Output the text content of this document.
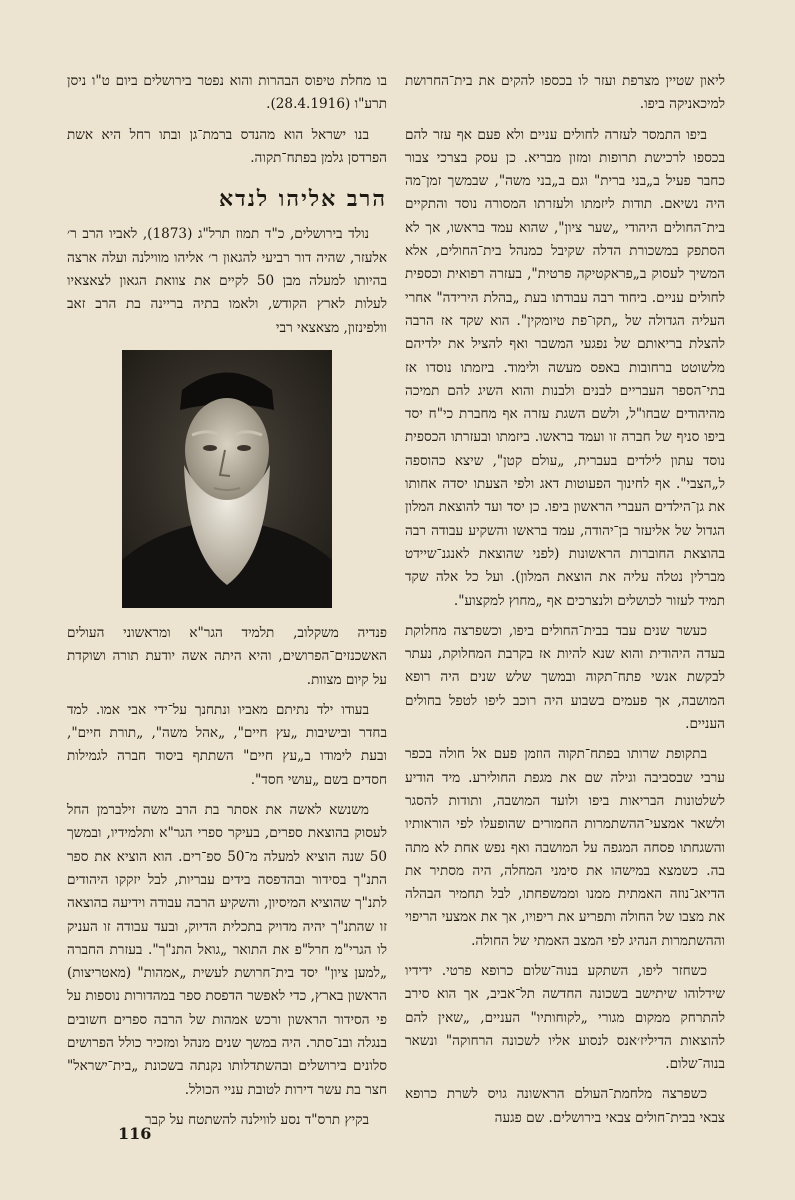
ליאון שטיין מצרפת ועזר לו בכספו להקים את בית־החרושת למיכאניקה ביפו.

ביפו התמסר לעזרה לחולים עניים ולא פעם אף עזר להם בכספו לרכישת תרופות ומזון מבריא. כן עסק בצרכי צבור כחבר פעיל ב„בני ברית" וגם ב„בני משה", שבמשך זמן־מה היה נשיאם. תודות ליזמתו ולעזרתו המסורה נוסד והתקיים בית־החולים היהודי „שער ציון", שהוא עמד בראשו, אך לא הסתפק במשכורת הדלה שקיבל כמנהל בית־החולים, אלא המשיך לעסוק ב„פראקטיקה פרטית", בעזרה רפואית וכספית לחולים עניים. ביחוד רבה עבודתו בעת „בהלת הירידה" אחרי העליה הגדולה של „תקו־פת טיומקין". הוא שקד אז הרבה להצלת בריאותם של נפגעי המשבר ואף להציל את ילדיהם מלשוטט ברחובות באפס מעשה ולימוד. ביזמתו נוסדו אז בתי־הספר העבריים לבנים ולבנות והוא השיג להם תמיכה מהיהודים שבחו"ל, ולשם השגת עזרה אף מחברת כי"ח יסד ביפו סניף של חברה זו ועמד בראשו. ביזמתו ובעזרתו הכספית נוסד עתון לילדים בעברית, „עולם קטן", שיצא כהוספה ל„הצבי". אף לחינוך הפעוטות דאג ולפי הצעתו יסדה אחותו את גן־הילדים העברי הראשון ביפו. כן יסד ועד להוצאת המלון הגדול של אליעזר בן־יהודה, עמד בראשו והשקיע עבודה רבה בהוצאת החוברות הראשונות (לפני שהוצאת לאנגנ־שיידט מברלין נטלה עליה את הוצאת המלון). ועל כל אלה שקד תמיד לעזור לכושלים ולנצרכים אף „מחוץ למקצוע".

כעשר שנים עבד בבית־החולים ביפו, וכשפרצה מחלוקת בעדה היהודית והוא שנא להיות אז בקרבת המחלוקת, נעתר לבקשת אנשי פתח־תקוה ובמשך שלש שנים היה רופא המושבה, אך פעמים בשבוע היה רוכב ליפו לטפל בחולים העניים.

בתקופת שרותו בפתח־תקוה הוזמן פעם אל חולה בכפר ערבי שבסביבה וגילה שם את מגפת החולירע. מיד הודיע לשלטונות הבריאות ביפו ולועד המושבה, ותודות להסגר ולשאר אמצעי־ההשתמרות החמורים שהופעלו לפי הוראותיו והשגחתו פסחה המגפה על המושבה ואף נפש אחת לא מתה בה. כשמצא במישהו את סימני המחלה, היה מסתיר את הדיאג־נוזה האמתית ממנו וממשפחתו, לבל תחמיר הבהלה את מצבו של החולה ותפריע את ריפויו, אך את אמצעי הריפוי וההשתמרות הנהיג לפי המצב האמתי של החולה.

כשחזר ליפו, השתקע בנוה־שלום כרופא פרטי. ידידיו שידלוהו שיתישב בשכונה החדשה תל־אביב, אך הוא סירב להתרחק ממקום מגורי „לקוחותיו" העניים, „שאין להם להוצאות הדיליז׳אנס לנסוע אליו לשכונה הרחוקה" ונשאר בנוה־שלום.

כשפרצה מלחמת־העולם הראשונה גויס לשרת כרופא צבאי בבית־חולים צבאי בירושלים. שם פגעה

בו מחלת טיפוס הבהרות והוא נפטר בירושלים ביום ט"ו ניסן תרע"ו (28.4.1916).

בנו ישראל הוא מהנדס ברמת־גן ובתו רחל היא אשת הפרדסן גלמן בפתח־תקוה.

הרב אליהו לנדא

נולד בירושלים, כ"ד תמוז תרל"ג (1873), לאביו הרב ר׳ אלעזר, שהיה דור רביעי להגאון ר׳ אליהו מווילנה ועלה ארצה בהיותו למעלה מבן 50 לקיים את צוואת הגאון לצאצאיו לעלות לארץ הקודש, ולאמו בתיה בריינה בת הרב זאב וולפינזון, מצאצאי רבי

פנדיה משקלוב, תלמיד הגר"א ומראשוני העולים האשכנזים־הפרושים, והיא היתה אשה יודעת תורה ושוקדת על קיום מצוות.

בעודו ילד נתיתם מאביו ונתחנך על־ידי אבי אמו. למד בחדר ובישיבות „עץ חיים", „אהל משה", „תורת חיים", ובעת לימודו ב„עץ חיים" השתתף ביסוד חברה לגמילות חסדים בשם „עושי חסד".

משנשא לאשה את אסתר בת הרב משה זילברמן החל לעסוק בהוצאת ספרים, בעיקר ספרי הגר"א ותלמידיו, ובמשך 50 שנה הוציא למעלה מ־50 ספ־רים. הוא הוציא את ספר התנ"ך בסידור ובהדפסה בידים עבריות, לבל יזקקו היהודים לתנ"ך שהוציא המיסיון, והשקיע הרבה עבודה וידיעה בהוצאה זו שהתנ"ך יהיה מדויק בתכלית הדיוק, ובעד עבודה זו העניק לו הגרי"מ חרל"פ את התואר „גואל התנ"ך". בעזרת החברה „למען ציון" יסד בית־חרושת לעשית „אמהות" (מאטריצות) הראשון בארץ, כדי לאפשר הדפסת ספר במהדורות נוספות על פי הסידור הראשון ורכש אמהות של הרבה ספרים חשובים בנגלה ובנ־סתר. היה במשך שנים מנהל ומזכיר כולל הפרושים סלונים בירושלים ובהשתדלותו נקנתה בשכונת „בית־ישראל" חצר בת עשר דירות לטובת עניי הכולל.

בקיץ תרס"ד נסע לווילנה להשתטח על קבר

116
